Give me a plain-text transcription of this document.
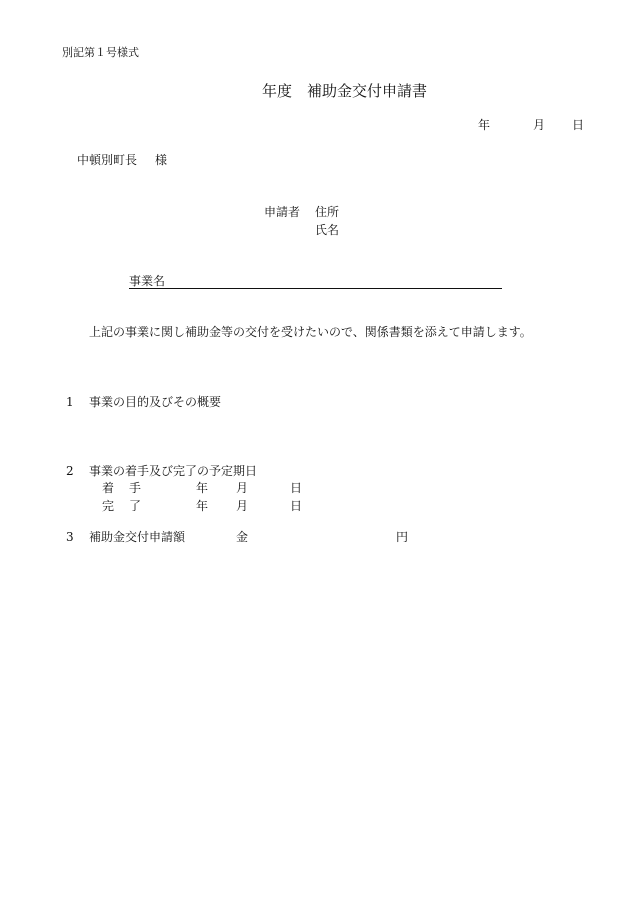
別記第１号様式
年度 補助金交付申請書
年	月 日
中頓別町長 様
申請者 住所
氏名
事業名
上記の事業に関し補助金等の交付を受けたいので、関係書類を添えて申請します。
1 事業の目的及びその概要
2 事業の着手及び完了の予定期日
着 手	年 月	日
完 了	年 月	日
3 補助金交付申請額	金	円
